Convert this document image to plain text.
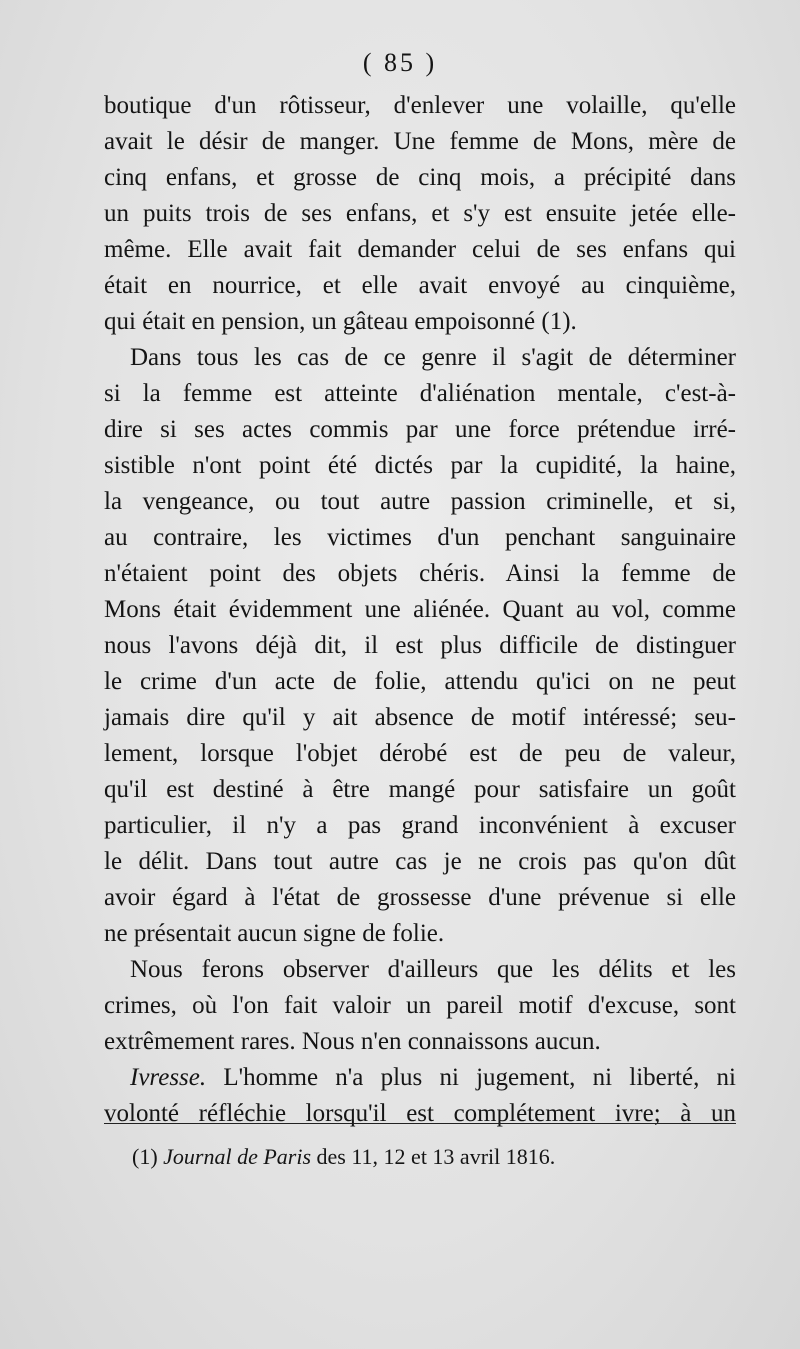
( 85 )
boutique d'un rôtisseur, d'enlever une volaille, qu'elle
avait le désir de manger. Une femme de Mons, mère de
cinq enfans, et grosse de cinq mois, a précipité dans
un puits trois de ses enfans, et s'y est ensuite jetée elle-
même. Elle avait fait demander celui de ses enfans qui
était en nourrice, et elle avait envoyé au cinquième,
qui était en pension, un gâteau empoisonné (1).
Dans tous les cas de ce genre il s'agit de déterminer
si la femme est atteinte d'aliénation mentale, c'est-à-
dire si ses actes commis par une force prétendue irré-
sistible n'ont point été dictés par la cupidité, la haine,
la vengeance, ou tout autre passion criminelle, et si,
au contraire, les victimes d'un penchant sanguinaire
n'étaient point des objets chéris. Ainsi la femme de
Mons était évidemment une aliénée. Quant au vol, comme
nous l'avons déjà dit, il est plus difficile de distinguer
le crime d'un acte de folie, attendu qu'ici on ne peut
jamais dire qu'il y ait absence de motif intéressé; seu-
lement, lorsque l'objet dérobé est de peu de valeur,
qu'il est destiné à être mangé pour satisfaire un goût
particulier, il n'y a pas grand inconvénient à excuser
le délit. Dans tout autre cas je ne crois pas qu'on dût
avoir égard à l'état de grossesse d'une prévenue si elle
ne présentait aucun signe de folie.
Nous ferons observer d'ailleurs que les délits et les
crimes, où l'on fait valoir un pareil motif d'excuse, sont
extrêmement rares. Nous n'en connaissons aucun.
Ivresse. L'homme n'a plus ni jugement, ni liberté, ni
volonté réfléchie lorsqu'il est complétement ivre; à un
(1) Journal de Paris des 11, 12 et 13 avril 1816.
